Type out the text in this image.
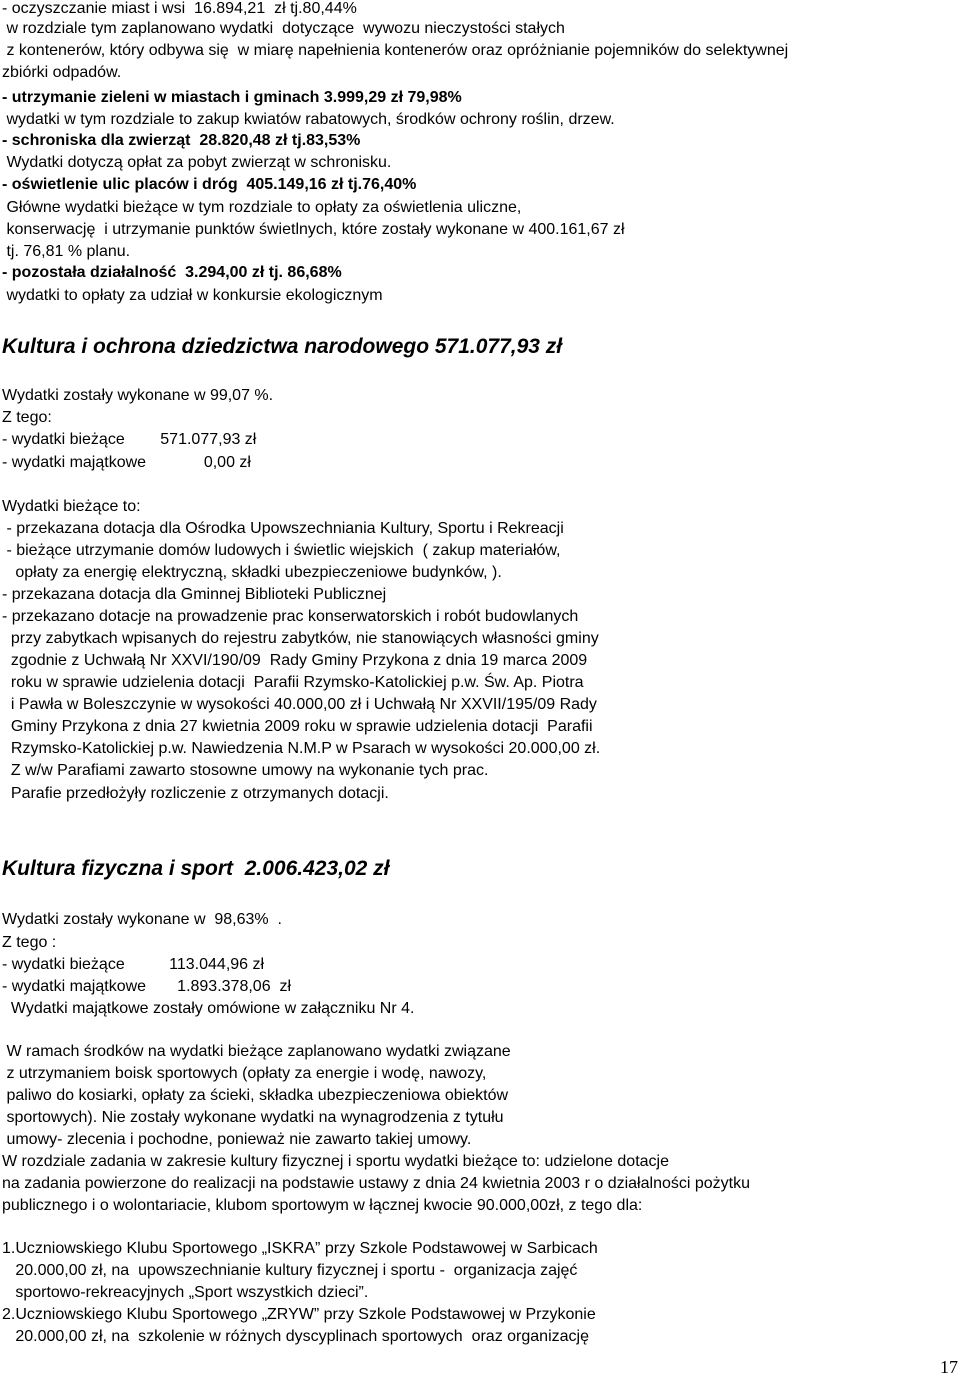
- oczyszczanie miast i wsi  16.894,21  zł tj.80,44%
w rozdziale tym zaplanowano wydatki  dotyczące  wywozu nieczystości stałych
z kontenerów, który odbywa się  w miarę napełnienia kontenerów oraz opróżnianie pojemników do selektywnej
zbiórki odpadów.
- utrzymanie zieleni w miastach i gminach 3.999,29 zł 79,98%
wydatki w tym rozdziale to zakup kwiatów rabatowych, środków ochrony roślin, drzew.
- schroniska dla zwierząt  28.820,48 zł tj.83,53%
Wydatki dotyczą opłat za pobyt zwierząt w schronisku.
- oświetlenie ulic placów i dróg  405.149,16 zł tj.76,40%
Główne wydatki bieżące w tym rozdziale to opłaty za oświetlenia uliczne,
konserwację  i utrzymanie punktów świetlnych, które zostały wykonane w 400.161,67 zł
tj. 76,81 % planu.
- pozostała działalność  3.294,00 zł tj. 86,68%
wydatki to opłaty za udział w konkursie ekologicznym
Kultura i ochrona dziedzictwa narodowego 571.077,93 zł
Wydatki zostały wykonane w 99,07 %.
Z tego:
- wydatki bieżące        571.077,93 zł
- wydatki majątkowe             0,00 zł
Wydatki bieżące to:
- przekazana dotacja dla Ośrodka Upowszechniania Kultury, Sportu i Rekreacji
- bieżące utrzymanie domów ludowych i świetlic wiejskich  ( zakup materiałów,
opłaty za energię elektryczną, składki ubezpieczeniowe budynków, ).
- przekazana dotacja dla Gminnej Biblioteki Publicznej
- przekazano dotacje na prowadzenie prac konserwatorskich i robót budowlanych
przy zabytkach wpisanych do rejestru zabytków, nie stanowiących własności gminy
zgodnie z Uchwałą Nr XXVI/190/09  Rady Gminy Przykona z dnia 19 marca 2009
roku w sprawie udzielenia dotacji  Parafii Rzymsko-Katolickiej p.w. Św. Ap. Piotra
i Pawła w Boleszczynie w wysokości 40.000,00 zł i Uchwałą Nr XXVII/195/09 Rady
Gminy Przykona z dnia 27 kwietnia 2009 roku w sprawie udzielenia dotacji  Parafii
Rzymsko-Katolickiej p.w. Nawiedzenia N.M.P w Psarach w wysokości 20.000,00 zł.
Z w/w Parafiami zawarto stosowne umowy na wykonanie tych prac.
Parafie przedłożyły rozliczenie z otrzymanych dotacji.
Kultura fizyczna i sport  2.006.423,02 zł
Wydatki zostały wykonane w  98,63%  .
Z tego :
- wydatki bieżące          113.044,96 zł
- wydatki majątkowe       1.893.378,06  zł
Wydatki majątkowe zostały omówione w załączniku Nr 4.
W ramach środków na wydatki bieżące zaplanowano wydatki związane
z utrzymaniem boisk sportowych (opłaty za energie i wodę, nawozy,
paliwo do kosiarki, opłaty za ścieki, składka ubezpieczeniowa obiektów
sportowych). Nie zostały wykonane wydatki na wynagrodzenia z tytułu
umowy- zlecenia i pochodne, ponieważ nie zawarto takiej umowy.
W rozdziale zadania w zakresie kultury fizycznej i sportu wydatki bieżące to: udzielone dotacje
na zadania powierzone do realizacji na podstawie ustawy z dnia 24 kwietnia 2003 r o działalności pożytku
publicznego i o wolontariacie, klubom sportowym w łącznej kwocie 90.000,00zł, z tego dla:
1.Uczniowskiego Klubu Sportowego „ISKRA” przy Szkole Podstawowej w Sarbicach
20.000,00 zł, na  upowszechnianie kultury fizycznej i sportu -  organizacja zajęć
sportowo-rekreacyjnych „Sport wszystkich dzieci”.
2.Uczniowskiego Klubu Sportowego „ZRYW” przy Szkole Podstawowej w Przykonie
20.000,00 zł, na  szkolenie w różnych dyscyplinach sportowych  oraz organizację
17
